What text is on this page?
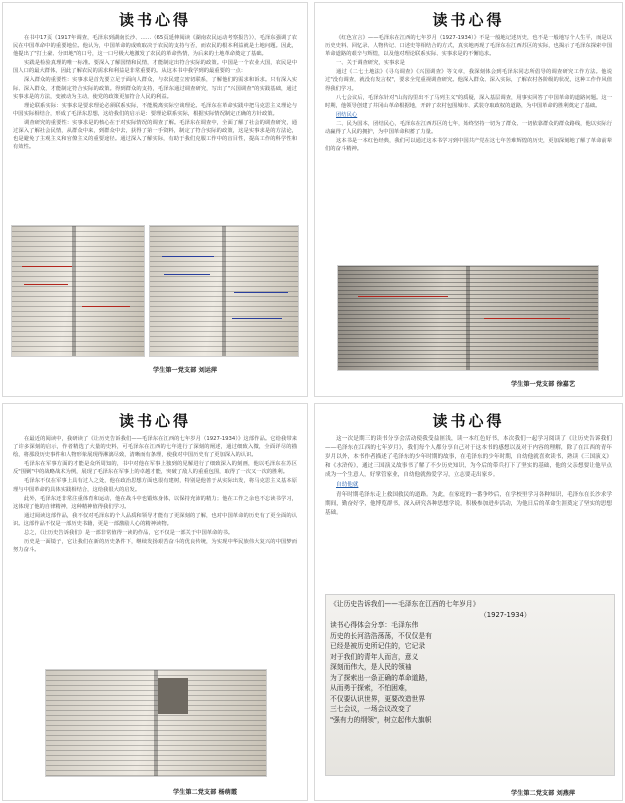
读书心得

在书中17页《1917年调查，毛泽东到湖南长沙、……（65页延伸阅读《湖南农民运动考察报告》），毛泽东强调了农民在中国革命中的重要地位。他认为，中国革命的成败取决于农民的支持与否，而农民的根本利益就是土地问题。因此，他提出了"打土豪、分田地"的口号，这一口号极大地激发了农民的革命热情，为后来的土地革命奠定了基础。

实践是检验真理的唯一标准。要深入了解国情和民情，才能制定出符合实际的政策。中国是一个农业大国，农民是中国人口的最大群体，因此了解农民的需求和利益是非常重要的。从这本书中我学到的最重要的一点：

深入群众的重要性：实事求是首先要立足于面向人群众，与农民建立密切联系，了解他们的需求和诉求。只有深入实际、深入群众，才能制定符合实际的政策。得到群众的支持，毛泽东通过调查研究，写出了"兴国调查"的实践基础，通过实事求是的方法，变被动为主动，使党的政策更加符合人民的利益。

理论联系实际：实事求是要求理论必须联系实际，不能脱离实际空谈理论。毛泽东在革命实践中把马克思主义理论与中国实际相结合，形成了毛泽东思想，这给我们的启示是：要理论联系实际，根据实际情况制定正确的方针政策。

调查研究的重要性：实事求是的核心在于对实际情况的调查了解。毛泽东在调查中，全面了解了社会的调查研究，通过深入了解社会民情，从群众中来，到群众中去，获得了第一手资料，制定了符合实际的政策，这是实事求是的方法论，也是避免了主观主义和官僚主义的重要途径。通过深入了解实际，有助于我们克服工作中的盲目性，提高工作的科学性和有效性。

学生第一党支部 刘运萍
读书心得

《红色宣言》——毛泽东在江西的七年岁月（1927-1934）》不是一般地记述历史，也不是一般地写个人生平，而是以历史史料、回忆录、人物传记、口述史等相结合的方式，真实地再现了毛泽东在江西苏区的实际，也揭示了毛泽东探索中国革命道路的艰辛与辉煌，以及他对理论联系实际、实事求是的不懈追求。

一、关于调查研究，实事求是

通过《二七土地法》《寻乌调查》《兴国调查》等文章，我深刻体会到毛泽东同志所倡导的调查研究工作方法。他说过"没有调查，就没有发言权"，要求全党重视调查研究。他深入群众、深入实际，了解农村各阶级的状况，这种工作作风值得我们学习。

八七会议后，毛泽东针对"山沟沟里出不了马列主义"的质疑，深入基层调查，用事实回答了中国革命的道路问题。这一时期，他领导创建了井冈山革命根据地，开辟了农村包围城市、武装夺取政权的道路，为中国革命的胜利奠定了基础。

团结民心

二、民为国本，团结民心，毛泽东在江西苏区的七年，始终坚持一切为了群众、一切依靠群众的群众路线，他以实际行动赢得了人民的拥护，为中国革命积蓄了力量。

这本书是一本红色经典，我们可以通过这本书学习到中国共产党在这七年苦难辉煌的历史，更加深刻地了解了革命前辈们的奋斗精神。

学生第一党支部 徐嘉艺
读书心得

在最近的阅读中，我研读了《让历史告诉我们——毛泽东在江西的七年岁月（1927-1934）》这部作品。它给我带来了许多深刻的启示，作者精选了大量的史料，可毛泽东在江西的七年进行了深刻的阐述，通过细致入微，全面详尽的描绘，将那段历史事件和人物形象展现得淋漓尽致，清晰而有条理，使我对中国历史有了更加深入的认识。

毛泽东在军事方面的才能是众所周知的，书中对他在军事上独到的见解进行了细致深入的刻画，他以毛泽东在苏区反"围剿"中的战略战术为例，展现了毛泽东在军事上的卓越才能，突破了敌人的重重包围，取得了一次又一次的胜利。

毛泽东不仅在军事上具有过人之处，他在政治思想方面也很有建树，特别是他善于从实际出发，将马克思主义基本原理与中国革命的具体实践相结合，这给我很大的启发。

此外，毛泽东还非常注重体育和运动，他在战斗中也锻炼身体，以保持充沛的精力；他在工作之余也不忘读书学习，这体现了他的自律精神，这种精神值得我们学习。

通过阅读这部作品，我不仅对毛泽东的个人品质和领导才能有了更深刻的了解，也对中国革命的历史有了更全面的认识。这部作品不仅是一部历史书籍，更是一部激励人心的精神读物。

总之，《让历史告诉我们》是一部非常值得一读的作品，它不仅是一部关于中国革命的书。

历史是一面镜子，它让我们在新的历史条件下，继续发扬艰苦奋斗的优良传统，为实现中华民族伟大复兴的中国梦而努力奋斗。

学生第二党支部 杨萌霞
读书心得

这一次是期三的读书分享会活动使我受益匪浅，读一本红色好书，本次我们一起学习阅读了《让历史告诉我们——毛泽东在江西的七年岁月》，我们每个人都分享自己对于这本书的感想以及对于内容的理解，除了在江西的青年岁月以外，本书作者描述了毛泽东的少年时期的故事，在毛泽东的少年时期，自幼他就喜欢读书，熟读《三国演义》和《水浒传》，通过三国演义故事书了解了不少历史知识，为今后的带兵打下了坚实的基础，他的父亲想要让他早点成为一个生意人，好掌管家业，自幼他就热爱学习，立志要走出家乡。

自幼他就

青年时期毛泽东走上救国救民的道路。为此，在家庭的一番争吵后，在学校里学习各种知识，毛泽东在长沙求学期间，勤奋好学，他博览群书，深入研究各种思想学说，积极参加进步活动，为他日后的革命生涯奠定了坚实的思想基础。

《让历史告诉我们——毛泽东在江西的七年岁月》
（1927-1934）
读书心得体会分享：毛泽东伟
历史的长河浩浩荡荡，不仅仅是有
已经是被历史所记住的，它记录
对于我们的青年人而言，意义
深刻而伟大，是人民的领袖
为了探索出一条正确的革命道路，
从而勇于探索，不怕困难，
不仅要认识世界，更要改造世界
三七会议，一场会议改变了
"强有力的纲领"，树立起伟大旗帜
学生第二党支部 刘燕萍
